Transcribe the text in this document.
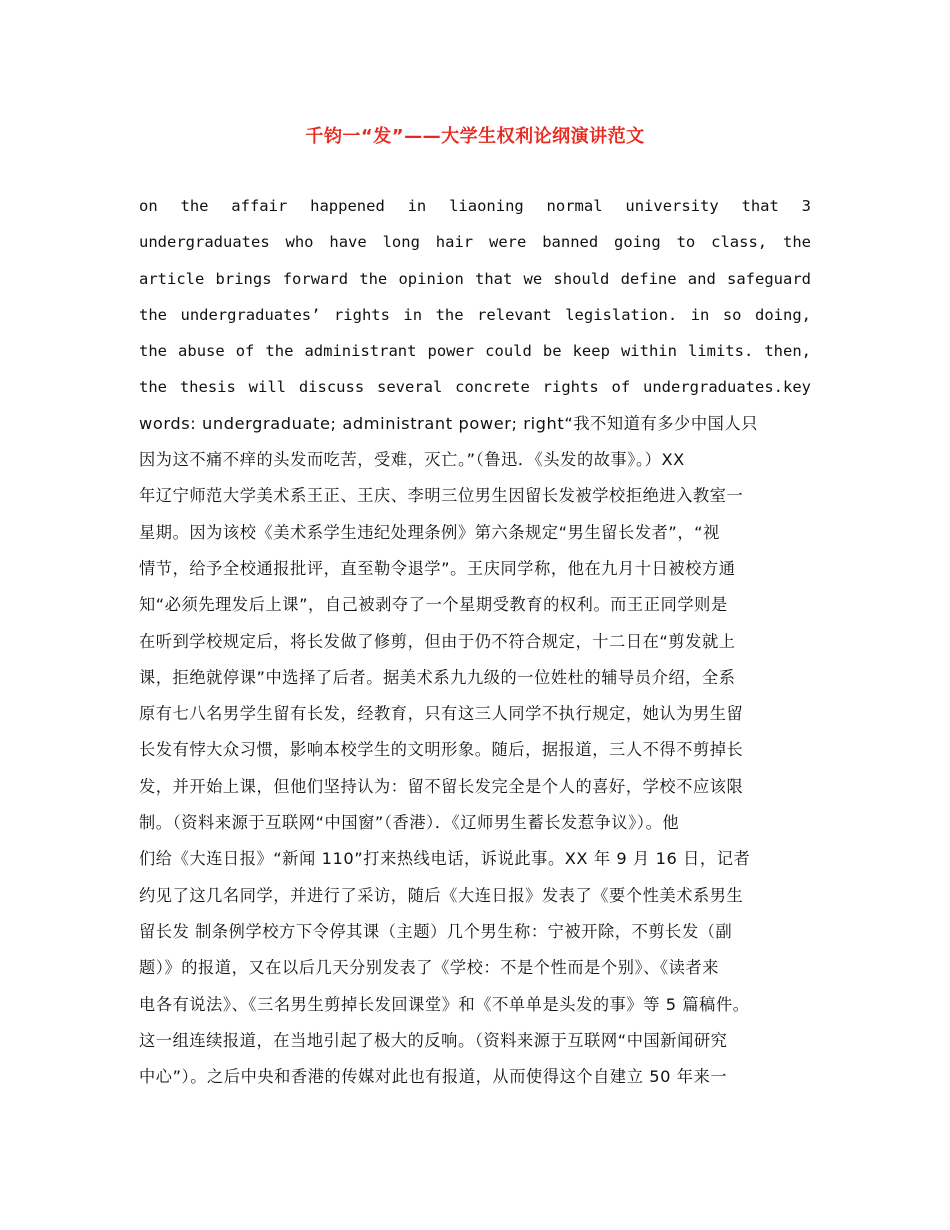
千钧一“发”——大学生权利论纲演讲范文
on the affair happened in liaoning normal university that 3
undergraduates who have long hair were banned going to class, the
article brings forward the opinion that we should define and safeguard
the undergraduates’ rights in the relevant legislation. in so doing,
the abuse of the administrant power could be keep within limits. then,
the thesis will discuss several concrete rights of undergraduates.key
words: undergraduate; administrant power; right“我不知道有多少中国人只
因为这不痛不痒的头发而吃苦，受难，灭亡。”（鲁迅．《头发的故事》。）XX
年辽宁师范大学美术系王正、王庆、李明三位男生因留长发被学校拒绝进入教室一
星期。因为该校《美术系学生违纪处理条例》第六条规定“男生留长发者”，“视
情节，给予全校通报批评，直至勒令退学”。王庆同学称，他在九月十日被校方通
知“必须先理发后上课”，自己被剥夺了一个星期受教育的权利。而王正同学则是
在听到学校规定后，将长发做了修剪，但由于仍不符合规定，十二日在“剪发就上
课，拒绝就停课”中选择了后者。据美术系九九级的一位姓杜的辅导员介绍，全系
原有七八名男学生留有长发，经教育，只有这三人同学不执行规定，她认为男生留
长发有悖大众习惯，影响本校学生的文明形象。随后，据报道，三人不得不剪掉长
发，并开始上课，但他们坚持认为：留不留长发完全是个人的喜好，学校不应该限
制。（资料来源于互联网“中国窗”（香港）．《辽师男生蓄长发惹争议》）。他
们给《大连日报》“新闻 110”打来热线电话，诉说此事。XX 年 9 月 16 日，记者
约见了这几名同学，并进行了采访，随后《大连日报》发表了《要个性美术系男生
留长发 制条例学校方下令停其课（主题）几个男生称：宁被开除，不剪长发（副
题）》的报道，又在以后几天分别发表了《学校：不是个性而是个别》、《读者来
电各有说法》、《三名男生剪掉长发回课堂》和《不单单是头发的事》等 5 篇稿件。
这一组连续报道，在当地引起了极大的反响。（资料来源于互联网“中国新闻研究
中心”）。之后中央和香港的传媒对此也有报道，从而使得这个自建立 50 年来一
